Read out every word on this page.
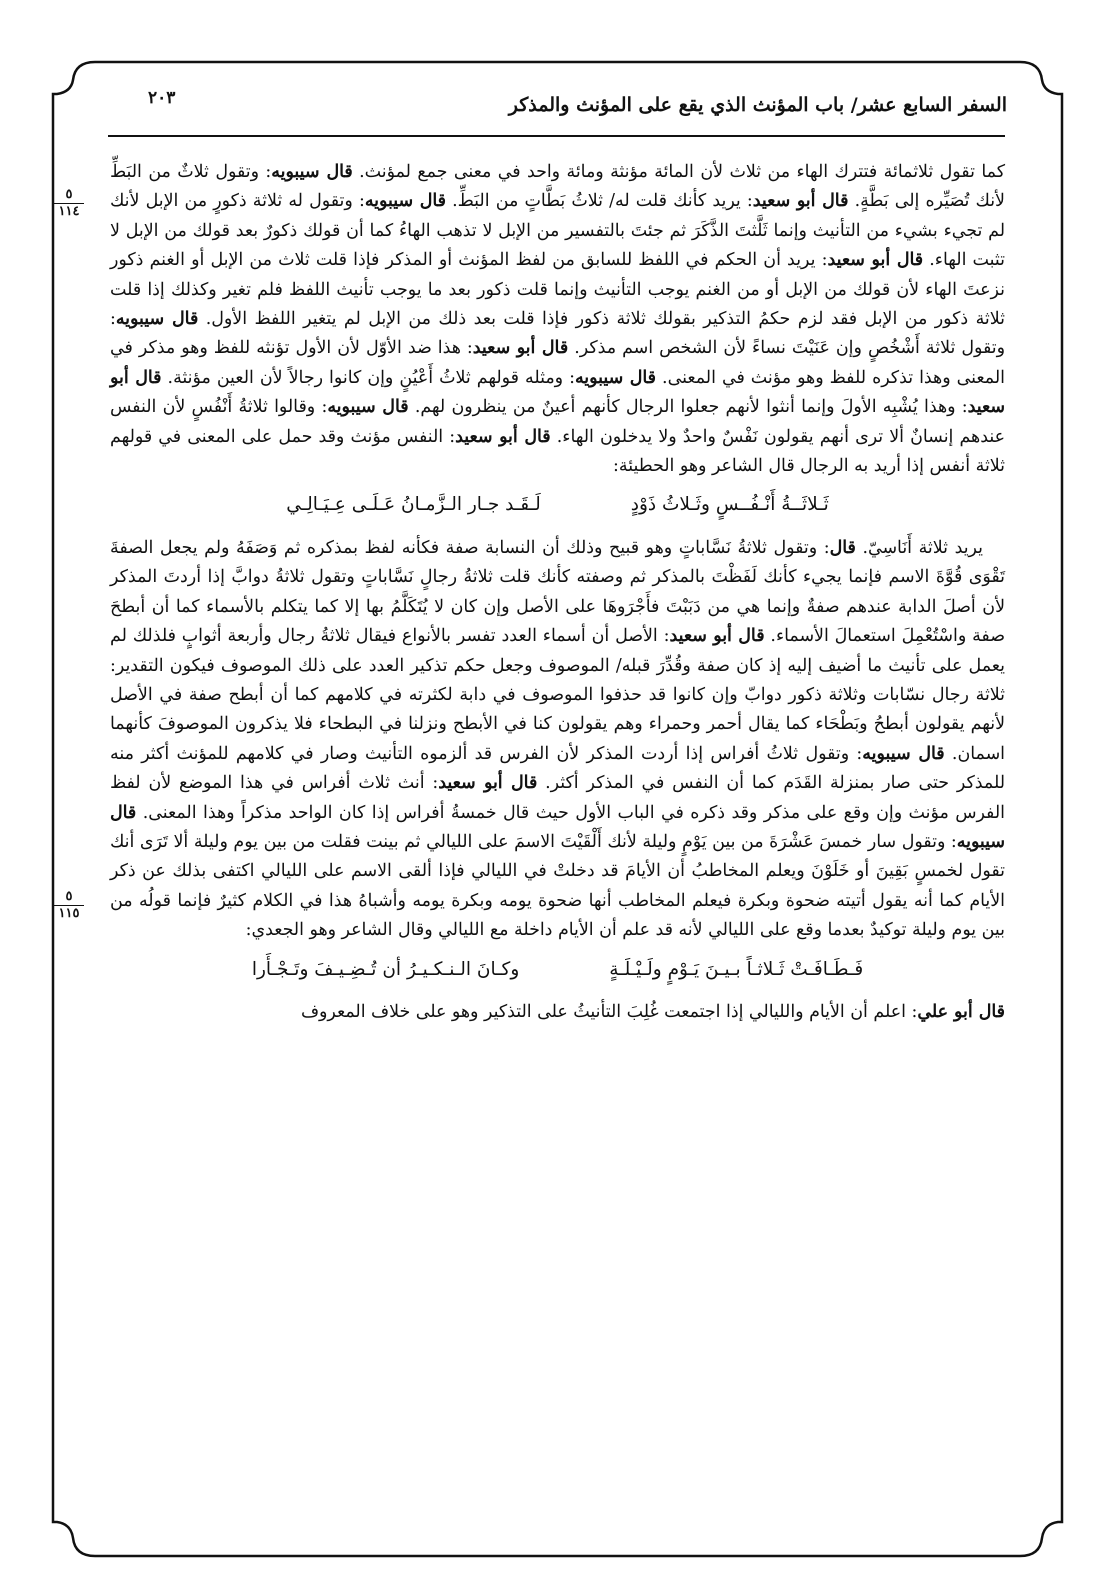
السفر السابع عشر/ باب المؤنث الذي يقع على المؤنث والمذكر
٢٠٣
٥
١١٤
٥
١١٥

كما تقول ثلاثمائة فتترك الهاء من ثلاث لأن المائة مؤنثة ومائة واحد في معنى جمع لمؤنث. قال سيبويه: وتقول ثلاثٌ من البَطِّ لأنك تُصَيِّره إلى بَطَّةٍ. قال أبو سعيد: يريد كأنك قلت له/ ثلاثُ بَطَّاتٍ من البَطِّ. قال سيبويه: وتقول له ثلاثة ذكورٍ من الإبل لأنك لم تجيء بشيء من التأنيث وإنما ثَلَّثتَ الذَّكَرَ ثم جئتَ بالتفسير من الإبل لا تذهب الهاءُ كما أن قولك ذكورٌ بعد قولك من الإبل لا تثبت الهاء. قال أبو سعيد: يريد أن الحكم في اللفظ للسابق من لفظ المؤنث أو المذكر فإذا قلت ثلاث من الإبل أو الغنم ذكور نزعتَ الهاء لأن قولك من الإبل أو من الغنم يوجب التأنيث وإنما قلت ذكور بعد ما يوجب تأنيث اللفظ فلم تغير وكذلك إذا قلت ثلاثة ذكور من الإبل فقد لزم حكمُ التذكير بقولك ثلاثة ذكور فإذا قلت بعد ذلك من الإبل لم يتغير اللفظ الأول. قال سيبويه: وتقول ثلاثة أَشْخُصٍ وإن عَنَيْتَ نساءً لأن الشخص اسم مذكر. قال أبو سعيد: هذا ضد الأوّل لأن الأول تؤنثه للفظ وهو مذكر في المعنى وهذا تذكره للفظ وهو مؤنث في المعنى. قال سيبويه: ومثله قولهم ثلاثُ أَعْيُنٍ وإن كانوا رجالاً لأن العين مؤنثة. قال أبو سعيد: وهذا يُشْبِه الأولَ وإنما أنثوا لأنهم جعلوا الرجال كأنهم أعينٌ من ينظرون لهم. قال سيبويه: وقالوا ثلاثةُ أَنْفُسٍ لأن النفس عندهم إنسانٌ ألا ترى أنهم يقولون نَفْسٌ واحدٌ ولا يدخلون الهاء. قال أبو سعيد: النفس مؤنث وقد حمل على المعنى في قولهم ثلاثة أنفس إذا أريد به الرجال قال الشاعر وهو الحطيئة:

ثَـلاثَــةُ أَنْـفُــسٍ وثَـلاثُ ذَوْدٍ
لَـقَـد جـار الـزَّمـانُ عَـلَـى عِـيَـالِـي

يريد ثلاثة أَنَاسِيّ. قال: وتقول ثلاثةُ نَسَّاباتٍ وهو قبيح وذلك أن النسابة صفة فكأنه لفظ بمذكره ثم وَصَفَهُ ولم يجعل الصفةَ تَقْوَى قُوَّةَ الاسم فإنما يجيء كأنك لَفَظْتَ بالمذكر ثم وصفته كأنك قلت ثلاثةُ رجالٍ نَسَّاباتٍ وتقول ثلاثةُ دوابَّ إذا أردتَ المذكر لأن أصلَ الدابة عندهم صفةٌ وإنما هي من دَبَبْتَ فأَجْرَوهَا على الأصل وإن كان لا يُتَكَلَّمُ بها إلا كما يتكلم بالأسماء كما أن أبطحَ صفة واسْتُعْمِلَ استعمالَ الأسماء. قال أبو سعيد: الأصل أن أسماء العدد تفسر بالأنواع فيقال ثلاثةُ رجال وأربعة أثوابٍ فلذلك لم يعمل على تأنيث ما أضيف إليه إذ كان صفة وقُدِّرَ قبله/ الموصوف وجعل حكم تذكير العدد على ذلك الموصوف فيكون التقدير: ثلاثة رجال نسّابات وثلاثة ذكور دوابّ وإن كانوا قد حذفوا الموصوف في دابة لكثرته في كلامهم كما أن أبطح صفة في الأصل لأنهم يقولون أبطحُ وبَطْحَاء كما يقال أحمر وحمراء وهم يقولون كنا في الأبطح ونزلنا في البطحاء فلا يذكرون الموصوفَ كأنهما اسمان. قال سيبويه: وتقول ثلاثُ أفراس إذا أردت المذكر لأن الفرس قد ألزموه التأنيث وصار في كلامهم للمؤنث أكثر منه للمذكر حتى صار بمنزلة القَدَم كما أن النفس في المذكر أكثر. قال أبو سعيد: أنث ثلاث أفراس في هذا الموضع لأن لفظ الفرس مؤنث وإن وقع على مذكر وقد ذكره في الباب الأول حيث قال خمسةُ أفراس إذا كان الواحد مذكراً وهذا المعنى. قال سيبويه: وتقول سار خمسَ عَشْرَةَ من بين يَوْمٍ وليلة لأنك أَلْقَيْتَ الاسمَ على الليالي ثم بينت فقلت من بين يوم وليلة ألا تَرَى أنك تقول لخمسٍ بَقِينَ أو خَلَوْنَ ويعلم المخاطبُ أن الأيامَ قد دخلتْ في الليالي فإذا ألقى الاسم على الليالي اكتفى بذلك عن ذكر الأيام كما أنه يقول أتيته ضحوة وبكرة فيعلم المخاطب أنها ضحوة يومه وبكرة يومه وأشباهُ هذا في الكلام كثيرٌ فإنما قولُه من بين يوم وليلة توكيدٌ بعدما وقع على الليالي لأنه قد علم أن الأيام داخلة مع الليالي وقال الشاعر وهو الجعدي:

فَـطَـافَـتْ ثَـلاثـاً بـيـنَ يَـوْمٍ ولَـيْـلَـةٍ
وكـانَ الـنـكـيـرُ أن تُـضِـيـفَ وتَـجْـأَرا

قال أبو علي: اعلم أن الأيام والليالي إذا اجتمعت غُلِبَ التأنيثُ على التذكير وهو على خلاف المعروف
